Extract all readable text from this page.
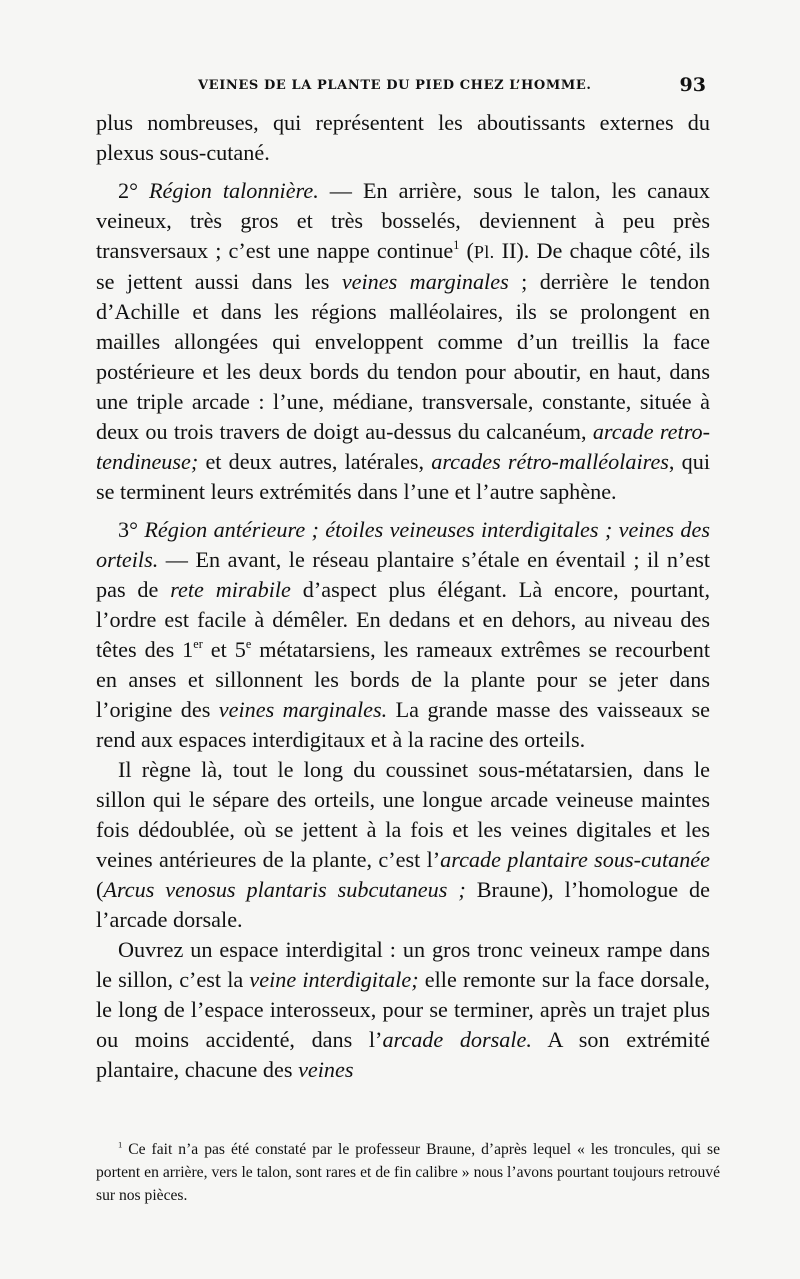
VEINES DE LA PLANTE DU PIED CHEZ L’HOMME.	93

plus nombreuses, qui représentent les aboutissants externes du plexus sous-cutané.

2° Région talonnière. — En arrière, sous le talon, les canaux veineux, très gros et très bosselés, deviennent à peu près transversaux ; c’est une nappe continue$^1$ (Pl. II). De chaque côté, ils se jettent aussi dans les veines marginales ; derrière le tendon d’Achille et dans les régions malléolaires, ils se prolongent en mailles allongées qui enveloppent comme d’un treillis la face postérieure et les deux bords du tendon pour aboutir, en haut, dans une triple arcade : l’une, médiane, transversale, constante, située à deux ou trois travers de doigt au-dessus du calcanéum, arcade retro-tendineuse; et deux autres, latérales, arcades rétro-malléolaires, qui se terminent leurs extrémités dans l’une et l’autre saphène.

3° Région antérieure ; étoiles veineuses interdigitales ; veines des orteils. — En avant, le réseau plantaire s’étale en éventail ; il n’est pas de rete mirabile d’aspect plus élégant. Là encore, pourtant, l’ordre est facile à démêler. En dedans et en dehors, au niveau des têtes des 1er et 5e métatarsiens, les rameaux extrêmes se recourbent en anses et sillonnent les bords de la plante pour se jeter dans l’origine des veines marginales. La grande masse des vaisseaux se rend aux espaces interdigitaux et à la racine des orteils.

Il règne là, tout le long du coussinet sous-métatarsien, dans le sillon qui le sépare des orteils, une longue arcade veineuse maintes fois dédoublée, où se jettent à la fois et les veines digitales et les veines antérieures de la plante, c’est l’arcade plantaire sous-cutanée (Arcus venosus plantaris subcutaneus ; Braune), l’homologue de l’arcade dorsale.

Ouvrez un espace interdigital : un gros tronc veineux rampe dans le sillon, c’est la veine interdigitale; elle remonte sur la face dorsale, le long de l’espace interosseux, pour se terminer, après un trajet plus ou moins accidenté, dans l’arcade dorsale. A son extrémité plantaire, chacune des veines

$^1$ Ce fait n’a pas été constaté par le professeur Braune, d’après lequel « les troncules, qui se portent en arrière, vers le talon, sont rares et de fin calibre » nous l’avons pourtant toujours retrouvé sur nos pièces.
